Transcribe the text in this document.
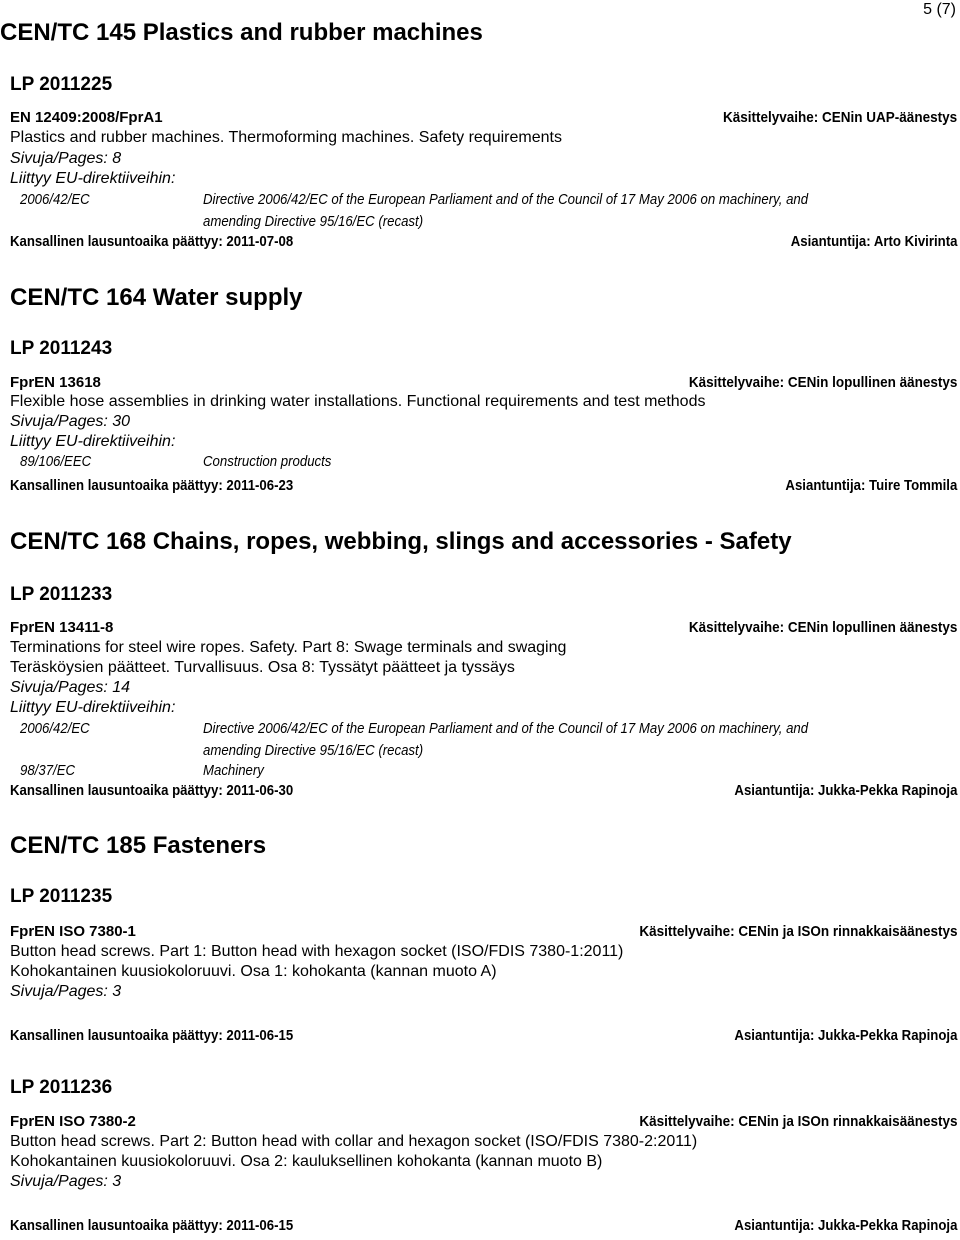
5 (7)
CEN/TC 145 Plastics and rubber machines
LP 2011225
EN 12409:2008/FprA1	Käsittelyvaihe: CENin UAP-äänestys
Plastics and rubber machines. Thermoforming machines. Safety requirements
Sivuja/Pages: 8
Liittyy EU-direktiiveihin:
2006/42/EC	Directive 2006/42/EC of the European Parliament and of the Council of 17 May 2006 on machinery, and
amending Directive 95/16/EC (recast)
Kansallinen lausuntoaika päättyy: 2011-07-08	Asiantuntija: Arto Kivirinta
CEN/TC 164 Water supply
LP 2011243
FprEN 13618	Käsittelyvaihe: CENin lopullinen äänestys
Flexible hose assemblies in drinking water installations. Functional requirements and test methods
Sivuja/Pages: 30
Liittyy EU-direktiiveihin:
89/106/EEC	Construction products
Kansallinen lausuntoaika päättyy: 2011-06-23	Asiantuntija: Tuire Tommila
CEN/TC 168 Chains, ropes, webbing, slings and accessories - Safety
LP 2011233
FprEN 13411-8	Käsittelyvaihe: CENin lopullinen äänestys
Terminations for steel wire ropes. Safety. Part 8: Swage terminals and swaging
Teräsköysien päätteet. Turvallisuus. Osa 8: Tyssätyt päätteet ja tyssäys
Sivuja/Pages: 14
Liittyy EU-direktiiveihin:
2006/42/EC	Directive 2006/42/EC of the European Parliament and of the Council of 17 May 2006 on machinery, and
amending Directive 95/16/EC (recast)
98/37/EC	Machinery
Kansallinen lausuntoaika päättyy: 2011-06-30	Asiantuntija: Jukka-Pekka Rapinoja
CEN/TC 185 Fasteners
LP 2011235
FprEN ISO 7380-1	Käsittelyvaihe: CENin ja ISOn rinnakkaisäänestys
Button head screws. Part 1: Button head with hexagon socket (ISO/FDIS 7380-1:2011)
Kohokantainen kuusiokoloruuvi. Osa 1: kohokanta (kannan muoto A)
Sivuja/Pages: 3
Kansallinen lausuntoaika päättyy: 2011-06-15	Asiantuntija: Jukka-Pekka Rapinoja
LP 2011236
FprEN ISO 7380-2	Käsittelyvaihe: CENin ja ISOn rinnakkaisäänestys
Button head screws. Part 2: Button head with collar and hexagon socket (ISO/FDIS 7380-2:2011)
Kohokantainen kuusiokoloruuvi. Osa 2: kauluksellinen kohokanta (kannan muoto B)
Sivuja/Pages: 3
Kansallinen lausuntoaika päättyy: 2011-06-15	Asiantuntija: Jukka-Pekka Rapinoja
